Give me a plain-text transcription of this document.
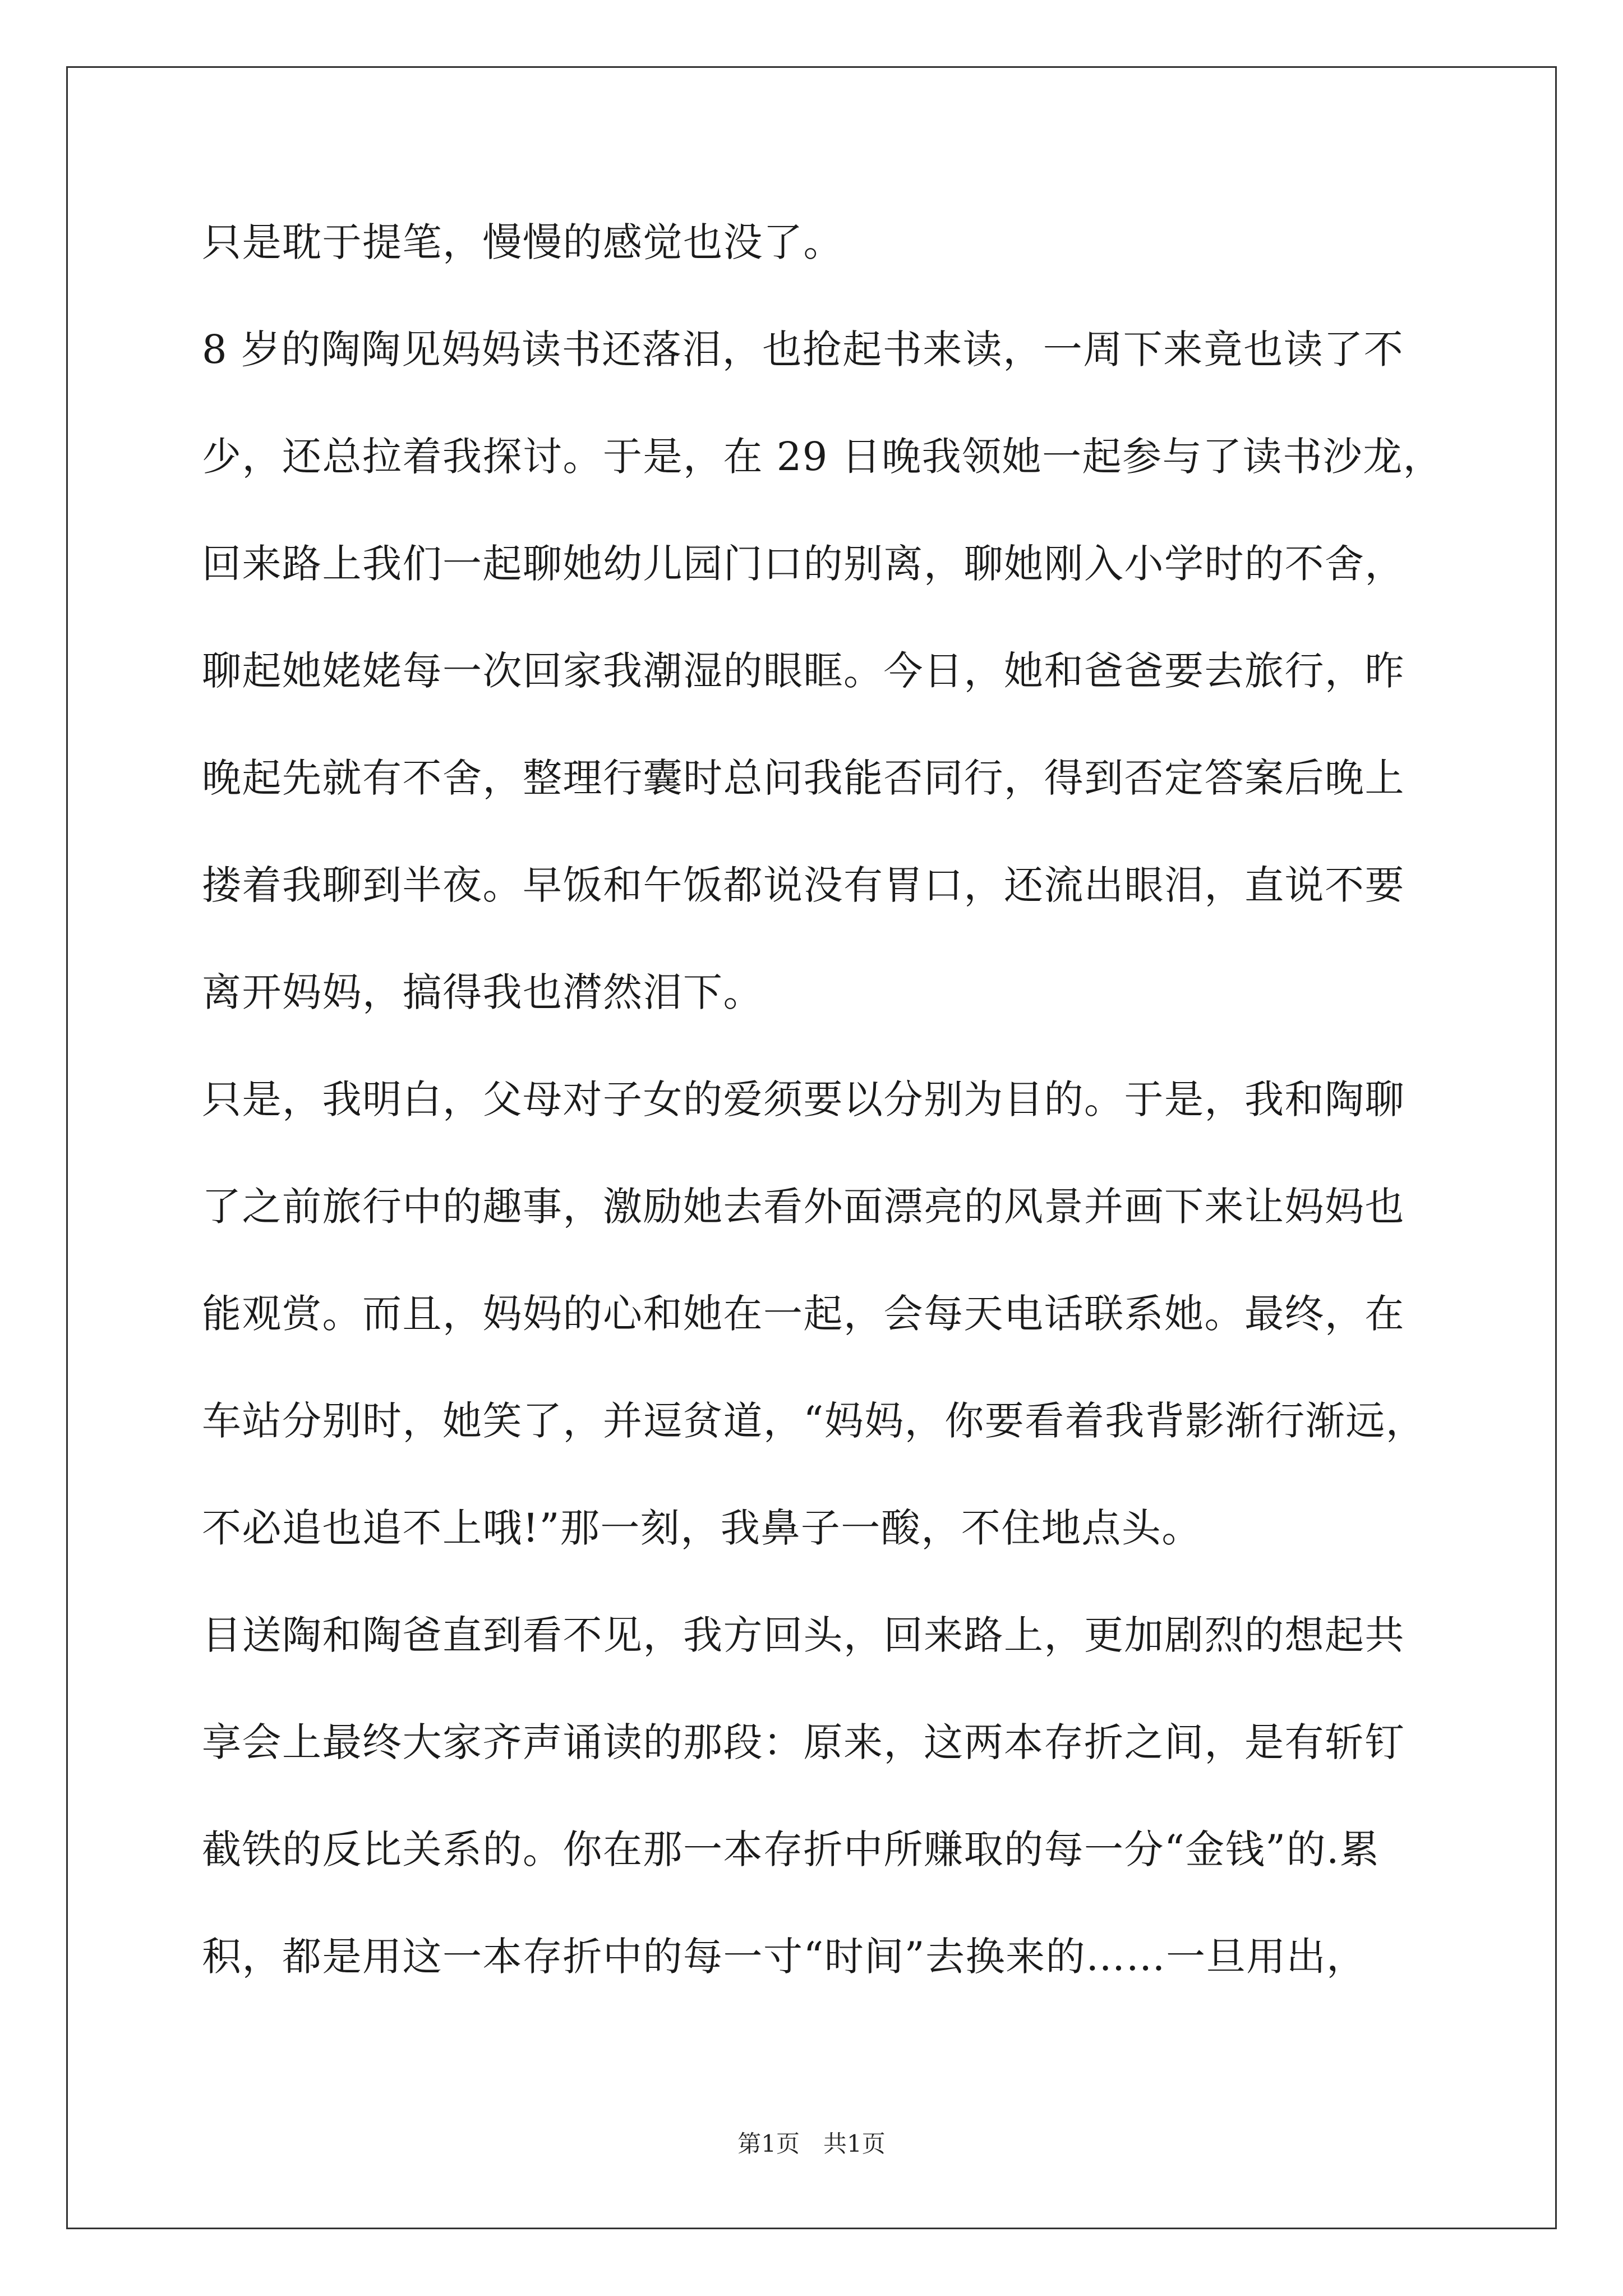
只是耽于提笔，慢慢的感觉也没了。
8 岁的陶陶见妈妈读书还落泪，也抢起书来读，一周下来竟也读了不
少，还总拉着我探讨。于是，在 29 日晚我领她一起参与了读书沙龙，
回来路上我们一起聊她幼儿园门口的别离，聊她刚入小学时的不舍，
聊起她姥姥每一次回家我潮湿的眼眶。今日，她和爸爸要去旅行，昨
晚起先就有不舍，整理行囊时总问我能否同行，得到否定答案后晚上
搂着我聊到半夜。早饭和午饭都说没有胃口，还流出眼泪，直说不要
离开妈妈，搞得我也潸然泪下。
只是，我明白，父母对子女的爱须要以分别为目的。于是，我和陶聊
了之前旅行中的趣事，激励她去看外面漂亮的风景并画下来让妈妈也
能观赏。而且，妈妈的心和她在一起，会每天电话联系她。最终，在
车站分别时，她笑了，并逗贫道，“妈妈，你要看着我背影渐行渐远，
不必追也追不上哦!”那一刻，我鼻子一酸，不住地点头。
目送陶和陶爸直到看不见，我方回头，回来路上，更加剧烈的想起共
享会上最终大家齐声诵读的那段：原来，这两本存折之间，是有斩钉
截铁的反比关系的。你在那一本存折中所赚取的每一分“金钱”的.累
积，都是用这一本存折中的每一寸“时间”去换来的……一旦用出，
第1页 共1页
